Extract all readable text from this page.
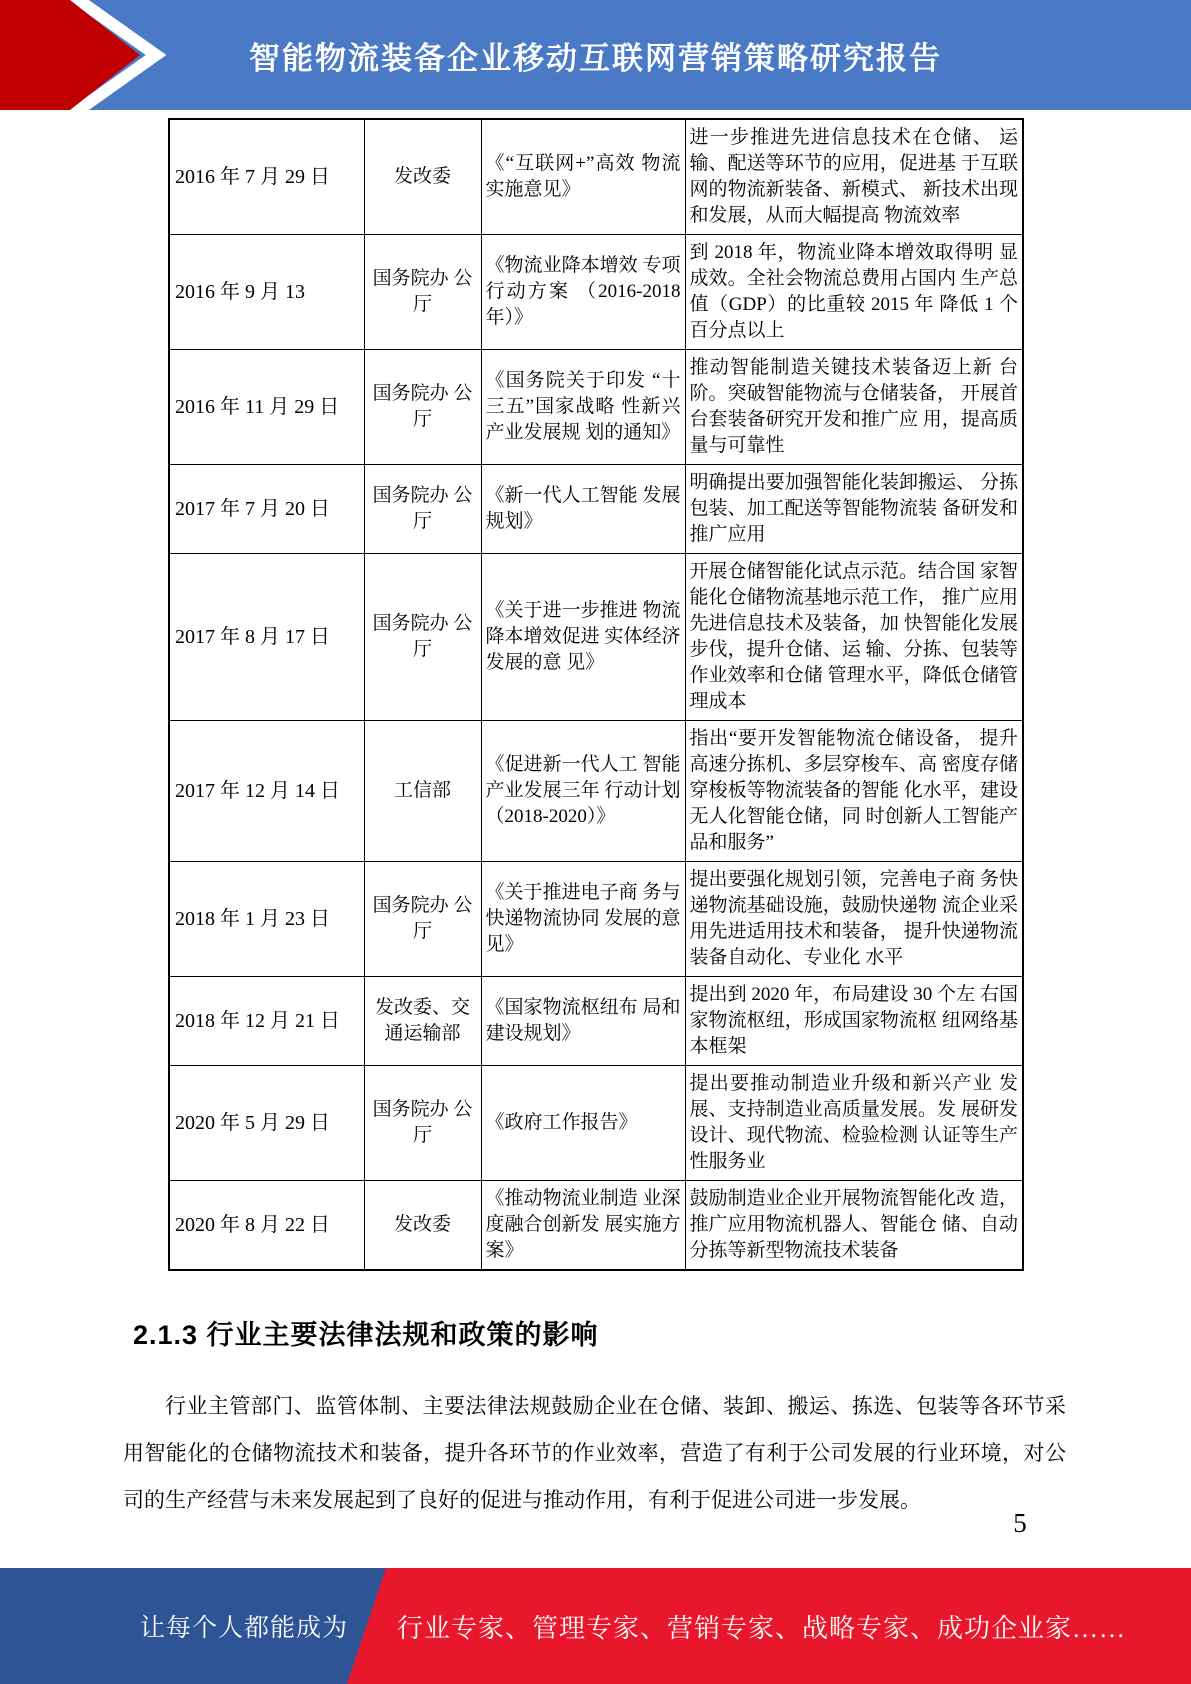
智能物流装备企业移动互联网营销策略研究报告
2016 年 7 月 29 日	发改委	《“互联网+”高效 物流实施意见》	进一步推进先进信息技术在仓储、 运输、配送等环节的应用，促进基 于互联网的物流新装备、新模式、 新技术出现和发展，从而大幅提高 物流效率
2016 年 9 月 13	国务院办 公厅	《物流业降本增效 专项行动方案 （2016-2018 年）》	到 2018 年，物流业降本增效取得明 显成效。全社会物流总费用占国内 生产总值（GDP）的比重较 2015 年 降低 1 个百分点以上
2016 年 11 月 29 日	国务院办 公厅	《国务院关于印发 “十三五”国家战略 性新兴产业发展规 划的通知》	推动智能制造关键技术装备迈上新 台阶。突破智能物流与仓储装备， 开展首台套装备研究开发和推广应 用，提高质量与可靠性
2017 年 7 月 20 日	国务院办 公厅	《新一代人工智能 发展规划》	明确提出要加强智能化装卸搬运、 分拣包装、加工配送等智能物流装 备研发和推广应用
2017 年 8 月 17 日	国务院办 公厅	《关于进一步推进 物流降本增效促进 实体经济发展的意 见》	开展仓储智能化试点示范。结合国 家智能化仓储物流基地示范工作， 推广应用先进信息技术及装备，加 快智能化发展步伐，提升仓储、运 输、分拣、包装等作业效率和仓储 管理水平，降低仓储管理成本
2017 年 12 月 14 日	工信部	《促进新一代人工 智能产业发展三年 行动计划 （2018-2020）》	指出“要开发智能物流仓储设备， 提升高速分拣机、多层穿梭车、高 密度存储穿梭板等物流装备的智能 化水平，建设无人化智能仓储，同 时创新人工智能产品和服务”
2018 年 1 月 23 日	国务院办 公厅	《关于推进电子商 务与快递物流协同 发展的意见》	提出要强化规划引领，完善电子商 务快递物流基础设施，鼓励快递物 流企业采用先进适用技术和装备， 提升快递物流装备自动化、专业化 水平
2018 年 12 月 21 日	发改委、交 通运输部	《国家物流枢纽布 局和建设规划》	提出到 2020 年，布局建设 30 个左 右国家物流枢纽，形成国家物流枢 纽网络基本框架
2020 年 5 月 29 日	国务院办 公厅	《政府工作报告》	提出要推动制造业升级和新兴产业 发展、支持制造业高质量发展。发 展研发设计、现代物流、检验检测 认证等生产性服务业
2020 年 8 月 22 日	发改委	《推动物流业制造 业深度融合创新发 展实施方案》	鼓励制造业企业开展物流智能化改 造，推广应用物流机器人、智能仓 储、自动分拣等新型物流技术装备
2.1.3 行业主要法律法规和政策的影响
行业主管部门、监管体制、主要法律法规鼓励企业在仓储、装卸、搬运、拣选、包装等各环节采用智能化的仓储物流技术和装备，提升各环节的作业效率，营造了有利于公司发展的行业环境，对公司的生产经营与未来发展起到了良好的促进与推动作用，有利于促进公司进一步发展。
5
让每个人都能成为 行业专家、管理专家、营销专家、战略专家、成功企业家……
